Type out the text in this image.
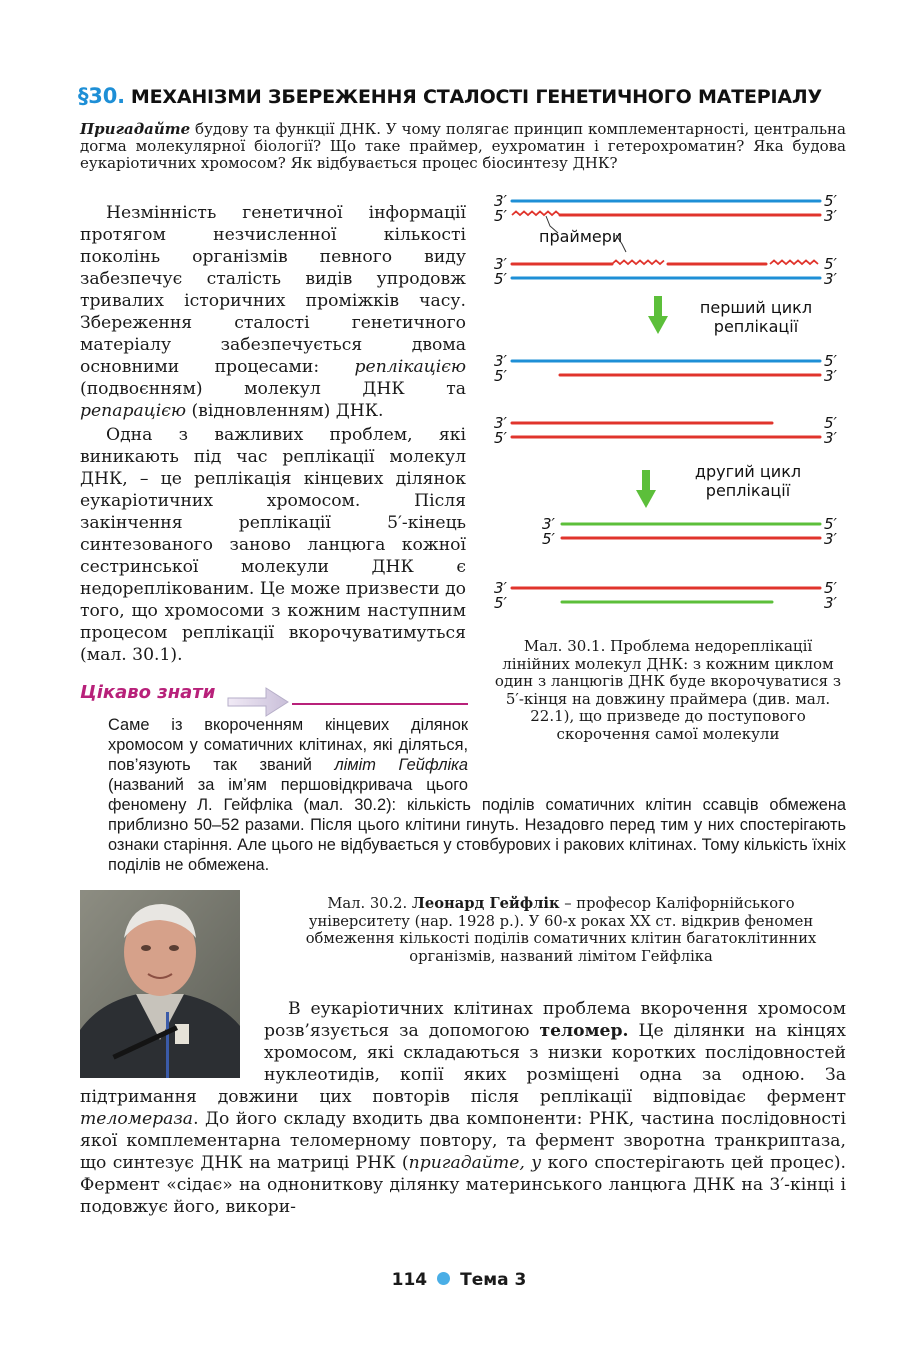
§30. МЕХАНІЗМИ ЗБЕРЕЖЕННЯ СТАЛОСТІ ГЕНЕТИЧНОГО МАТЕРІАЛУ
Пригадайте будову та функції ДНК. У чому полягає принцип комплементарності, центральна догма молекулярної біології? Що таке праймер, еухроматин і гетерохроматин? Яка будова еукаріотичних хромосом? Як відбувається процес біосинтезу ДНК?

Незмінність генетичної інформації протягом незчисленної кількості поколінь організмів певного виду забезпечує сталість видів упродовж тривалих історичних проміжків часу. Збереження сталості генетичного матеріалу забезпечується двома основними процесами: реплікацією (подвоєнням) молекул ДНК та репарацією (відновленням) ДНК.

Одна з важливих проблем, які виникають під час реплікації молекул ДНК, – це реплікація кінцевих ділянок еукаріотичних хромосом. Після закінчення реплікації 5′-кінець синтезованого заново ланцюга кожної сестринської молекули ДНК є недореплікованим. Це може призвести до того, що хромосоми з кожним наступним процесом реплікації вкорочуватимуться (мал. 30.1).

3′
5′
5′
3′
3′
5′
5′
3′
3′
5′
5′
3′
3′
5′
5′
3′
3′
5′
5′
3′
3′
5′
5′
3′
праймери
перший цикл
реплікації
другий цикл
реплікації
Мал. 30.1. Проблема недореплікації лінійних молекул ДНК: з кожним циклом один з ланцюгів ДНК буде вкорочуватися з 5′-кінця на довжину праймера (див. мал. 22.1), що призведе до поступового скорочення самої молекули
Цікаво знати
Саме із вкороченням кінцевих ділянок хромосом у соматичних клітинах, які діляться, пов’язують так званий ліміт Гейфліка (названий за ім’ям першовідкривача цього феномену Л. Гейфліка (мал. 30.2): кількість поділів соматичних клітин ссавців обмежена приблизно 50–52 разами. Після цього клітини гинуть. Незадовго перед тим у них спостерігають ознаки старіння. Але цього не відбувається у стовбурових і ракових клітинах. Тому кількість їхніх поділів не обмежена.
Мал. 30.2. Леонард Гейфлік – професор Каліфорнійського університету (нар. 1928 р.). У 60-х роках XX ст. відкрив феномен обмеження кількості поділів соматичних клітин багатоклітинних організмів, названий лімітом Гейфліка

В еукаріотичних клітинах проблема вкорочення хромосом розв’язується за допомогою теломер. Це ділянки на кінцях хромосом, які складаються з низки коротких послідовностей нуклеотидів, копії яких розміщені одна за одною. За підтримання довжини цих повторів після реплікації відповідає фермент теломераза. До його складу входить два компоненти: РНК, частина послідовності якої комплементарна теломерному повтору, та фермент зворотна транкриптаза, що синтезує ДНК на матриці РНК (пригадайте, у кого спостерігають цей процес). Фермент «сідає» на однониткову ділянку материнського ланцюга ДНК на 3′-кінці і подовжує його, викори-

114 Тема 3
